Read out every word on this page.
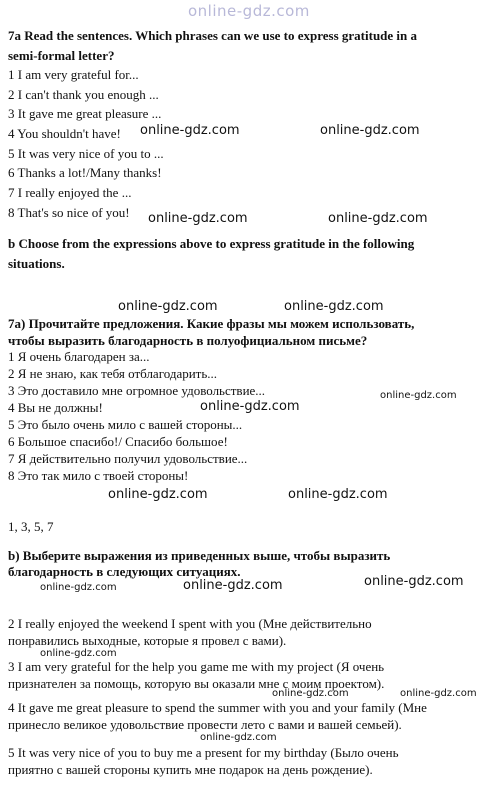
online-gdz.com
7a Read the sentences. Which phrases can we use to express gratitude in a
semi-formal letter?
1 I am very grateful for...
2 I can't thank you enough ...
3 It gave me great pleasure ...
4 You shouldn't have!
5 It was very nice of you to ...
6 Thanks a lot!/Many thanks!
7 I really enjoyed the ...
8 That's so nice of you!
online-gdz.com	online-gdz.com
online-gdz.com	online-gdz.com
b Choose from the expressions above to express gratitude in the following
situations.
online-gdz.com	online-gdz.com
7а) Прочитайте предложения. Какие фразы мы можем использовать,
чтобы выразить благодарность в полуофициальном письме?
1 Я очень благодарен за...
2 Я не знаю, как тебя отблагодарить...
3 Это доставило мне огромное удовольствие...
4 Вы не должны!
5 Это было очень мило с вашей стороны...
6 Большое спасибо!/ Спасибо большое!
7 Я действительно получил удовольствие...
8 Это так мило с твоей стороны!
online-gdz.com
online-gdz.com
online-gdz.com	online-gdz.com
1, 3, 5, 7
b) Выберите выражения из приведенных выше, чтобы выразить
благодарность в следующих ситуациях.
online-gdz.com	online-gdz.com	online-gdz.com
2 I really enjoyed the weekend I spent with you (Мне действительно
понравились выходные, которые я провел с вами).
online-gdz.com
3 I am very grateful for the help you game me with my project (Я очень
признателен за помощь, которую вы оказали мне с моим проектом).
online-gdz.com	online-gdz.com
4 It gave me great pleasure to spend the summer with you and your family (Мне
принесло великое удовольствие провести лето с вами и вашей семьей).
online-gdz.com
5 It was very nice of you to buy me a present for my birthday (Было очень
приятно с вашей стороны купить мне подарок на день рождение).
